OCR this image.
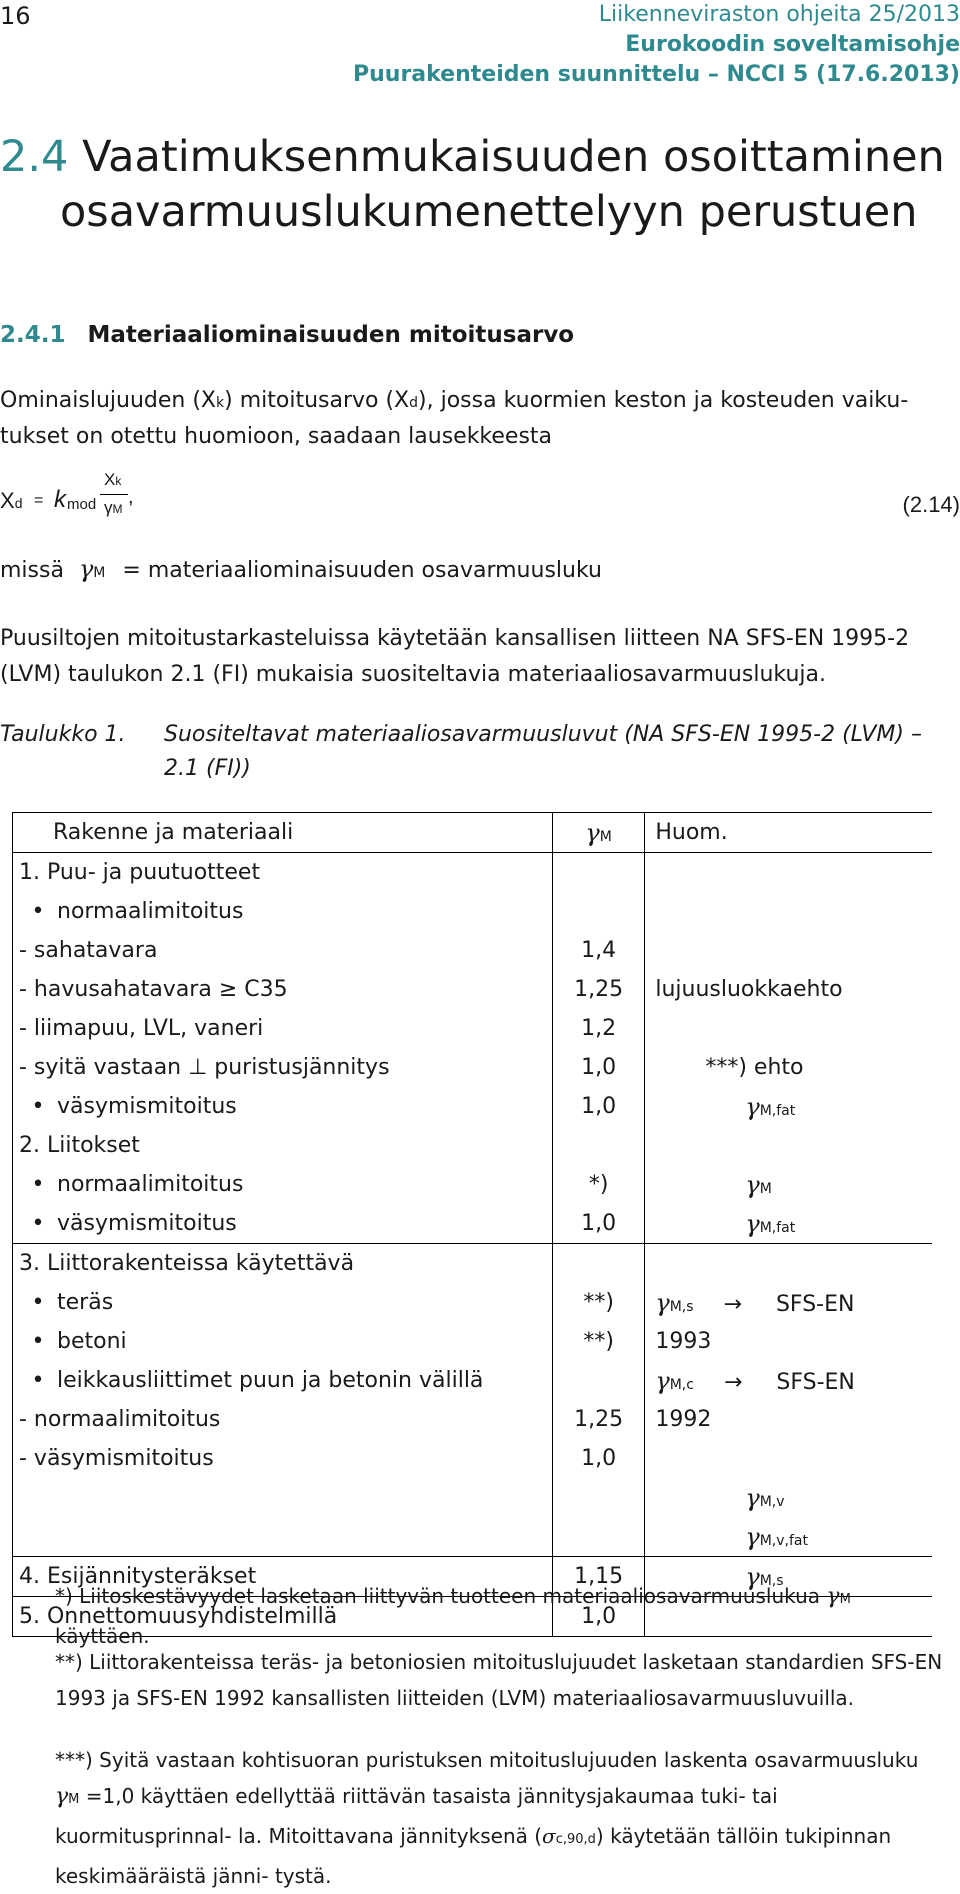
16	Liikenneviraston ohjeita 25/2013
Eurokoodin soveltamisohje
Puurakenteiden suunnittelu – NCCI 5 (17.6.2013)
2.4 Vaatimuksenmukaisuuden osoittaminen
osavarmuuslukumenettelyyn perustuen
2.4.1 Materiaaliominaisuuden mitoitusarvo
Ominaislujuuden (Xk) mitoitusarvo (Xd), jossa kuormien keston ja kosteuden vaiku-
tukset on otettu huomioon, saadaan lausekkeesta
Xd = k mod
Xk
γM
,	(2.14)
missä γM = materiaaliominaisuuden osavarmuusluku
Puusiltojen mitoitustarkasteluissa käytetään kansallisen liitteen NA SFS-EN 1995-2
(LVM) taulukon 2.1 (FI) mukaisia suositeltavia materiaaliosavarmuuslukuja.
Taulukko 1. Suositeltavat materiaaliosavarmuusluvut (NA SFS-EN 1995-2 (LVM) –
2.1 (FI))
Rakenne ja materiaali	γM	Huom.
1. Puu- ja puutuotteet		
• normaalimitoitus		
- sahatavara	1,4	
- havusahatavara ≥ C35	1,25	lujuusluokkaehto
- liimapuu, LVL, vaneri	1,2	
- syitä vastaan ⊥ puristusjännitys	1,0	***) ehto
• väsymismitoitus	1,0	γM,fat
2. Liitokset		
• normaalimitoitus	*)	γM
• väsymismitoitus	1,0	γM,fat
3. Liittorakenteissa käytettävä		
• teräs	**)	γM,s → SFS-EN
• betoni	**)	1993
• leikkausliittimet puun ja betonin välillä		γM,c → SFS-EN
- normaalimitoitus	1,25	1992
- väsymismitoitus	1,0	
		γM,v
		γM,v,fat
4. Esijännitysteräkset	1,15	γM,s
5. Onnettomuusyhdistelmillä	1,0	
*) Liitoskestävyydet lasketaan liittyvän tuotteen materiaaliosavarmuuslukua γM käyttäen.
**) Liittorakenteissa teräs- ja betoniosien mitoituslujuudet lasketaan standardien SFS-EN 1993 ja SFS-EN 1992 kansallisten liitteiden (LVM) materiaaliosavarmuusluvuilla.
***) Syitä vastaan kohtisuoran puristuksen mitoituslujuuden laskenta osavarmuusluku γM =1,0 käyttäen edellyttää riittävän tasaista jännitysjakaumaa tuki- tai kuormitusprinnal- la. Mitoittavana jännityksenä (σc,90,d) käytetään tällöin tukipinnan keskimääräistä jänni- tystä.
